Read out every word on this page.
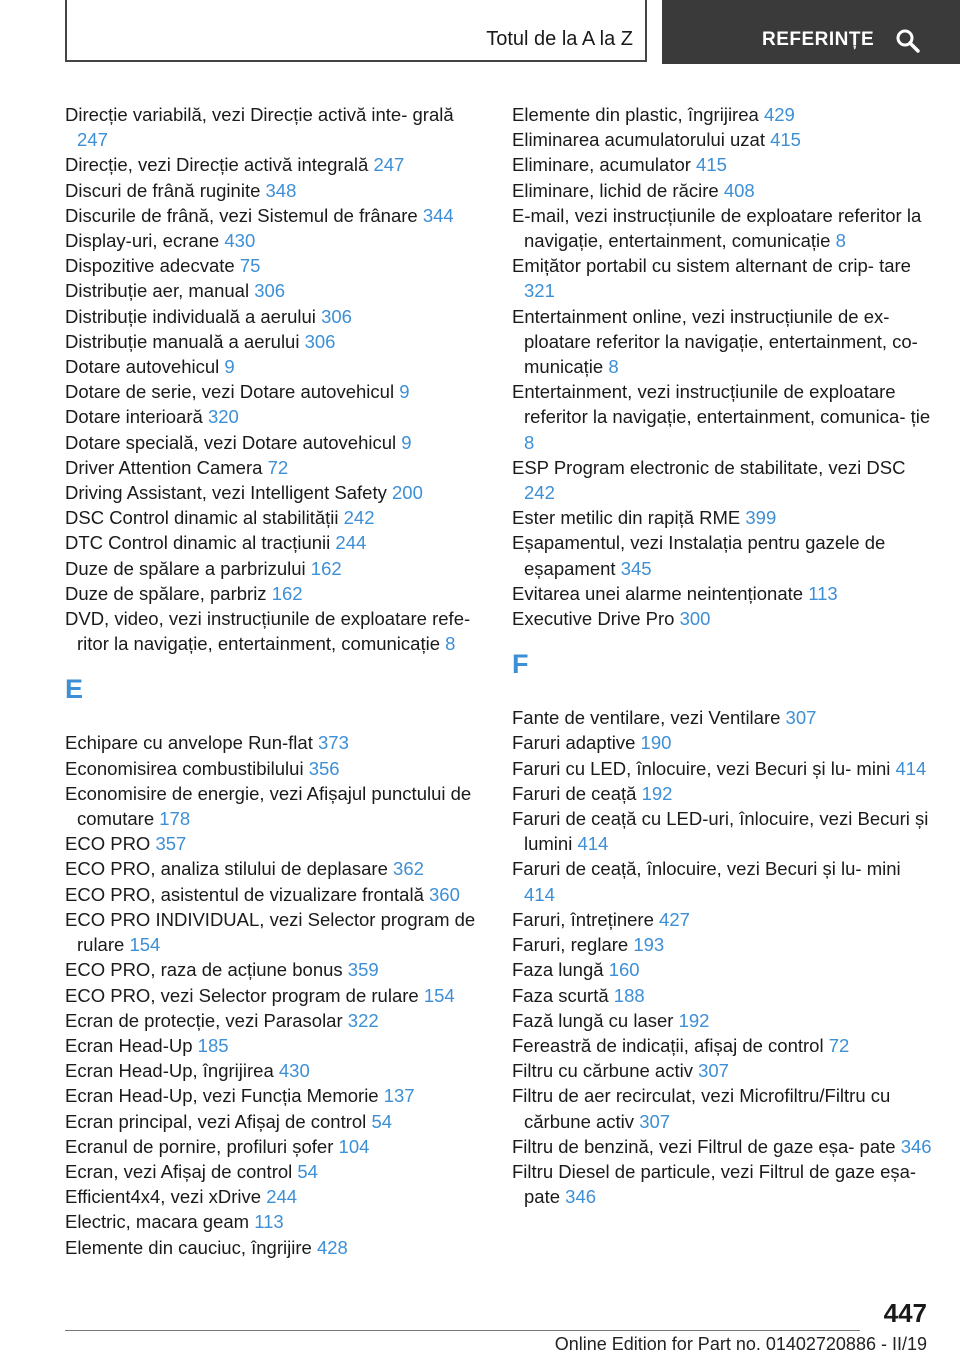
Totul de la A la Z	REFERINȚE

Direcție variabilă, vezi Direcție activă inte‐ grală 247

Direcție, vezi Direcție activă integrală 247

Discuri de frână ruginite 348

Discurile de frână, vezi Sistemul de frânare 344

Display-uri, ecrane 430

Dispozitive adecvate 75

Distribuție aer, manual 306

Distribuție individuală a aerului 306

Distribuție manuală a aerului 306

Dotare autovehicul 9

Dotare de serie, vezi Dotare autovehicul 9

Dotare interioară 320

Dotare specială, vezi Dotare autovehicul 9

Driver Attention Camera 72

Driving Assistant, vezi Intelligent Safety 200

DSC Control dinamic al stabilității 242

DTC Control dinamic al tracțiunii 244

Duze de spălare a parbrizului 162

Duze de spălare, parbriz 162

DVD, video, vezi instrucțiunile de exploatare refe‐ ritor la navigație, entertainment, comunicație 8

E

Echipare cu anvelope Run-flat 373

Economisirea combustibilului 356

Economisire de energie, vezi Afișajul punctului de comutare 178

ECO PRO 357

ECO PRO, analiza stilului de deplasare 362

ECO PRO, asistentul de vizualizare frontală 360

ECO PRO INDIVIDUAL, vezi Selector program de rulare 154

ECO PRO, raza de acțiune bonus 359

ECO PRO, vezi Selector program de rulare 154

Ecran de protecție, vezi Parasolar 322

Ecran Head-Up 185

Ecran Head-Up, îngrijirea 430

Ecran Head-Up, vezi Funcția Memorie 137

Ecran principal, vezi Afișaj de control 54

Ecranul de pornire, profiluri șofer 104

Ecran, vezi Afișaj de control 54

Efficient4x4, vezi xDrive 244

Electric, macara geam 113

Elemente din cauciuc, îngrijire 428

Elemente din plastic, îngrijirea 429

Eliminarea acumulatorului uzat 415

Eliminare, acumulator 415

Eliminare, lichid de răcire 408

E-mail, vezi instrucțiunile de exploatare referitor la navigație, entertainment, comunicație 8

Emițător portabil cu sistem alternant de crip‐ tare 321

Entertainment online, vezi instrucțiunile de ex‐ ploatare referitor la navigație, entertainment, co‐ municație 8

Entertainment, vezi instrucțiunile de exploatare referitor la navigație, entertainment, comunica‐ ție 8

ESP Program electronic de stabilitate, vezi DSC 242

Ester metilic din rapiță RME 399

Eșapamentul, vezi Instalația pentru gazele de eșapament 345

Evitarea unei alarme neintenționate 113

Executive Drive Pro 300

F

Fante de ventilare, vezi Ventilare 307

Faruri adaptive 190

Faruri cu LED, înlocuire, vezi Becuri și lu‐ mini 414

Faruri de ceață 192

Faruri de ceață cu LED-uri, înlocuire, vezi Becuri și lumini 414

Faruri de ceață, înlocuire, vezi Becuri și lu‐ mini 414

Faruri, întreținere 427

Faruri, reglare 193

Faza lungă 160

Faza scurtă 188

Fază lungă cu laser 192

Fereastră de indicații, afișaj de control 72

Filtru cu cărbune activ 307

Filtru de aer recirculat, vezi Microfiltru/Filtru cu cărbune activ 307

Filtru de benzină, vezi Filtrul de gaze eșa‐ pate 346

Filtru Diesel de particule, vezi Filtrul de gaze eșa‐ pate 346

447
Online Edition for Part no. 01402720886 - II/19
